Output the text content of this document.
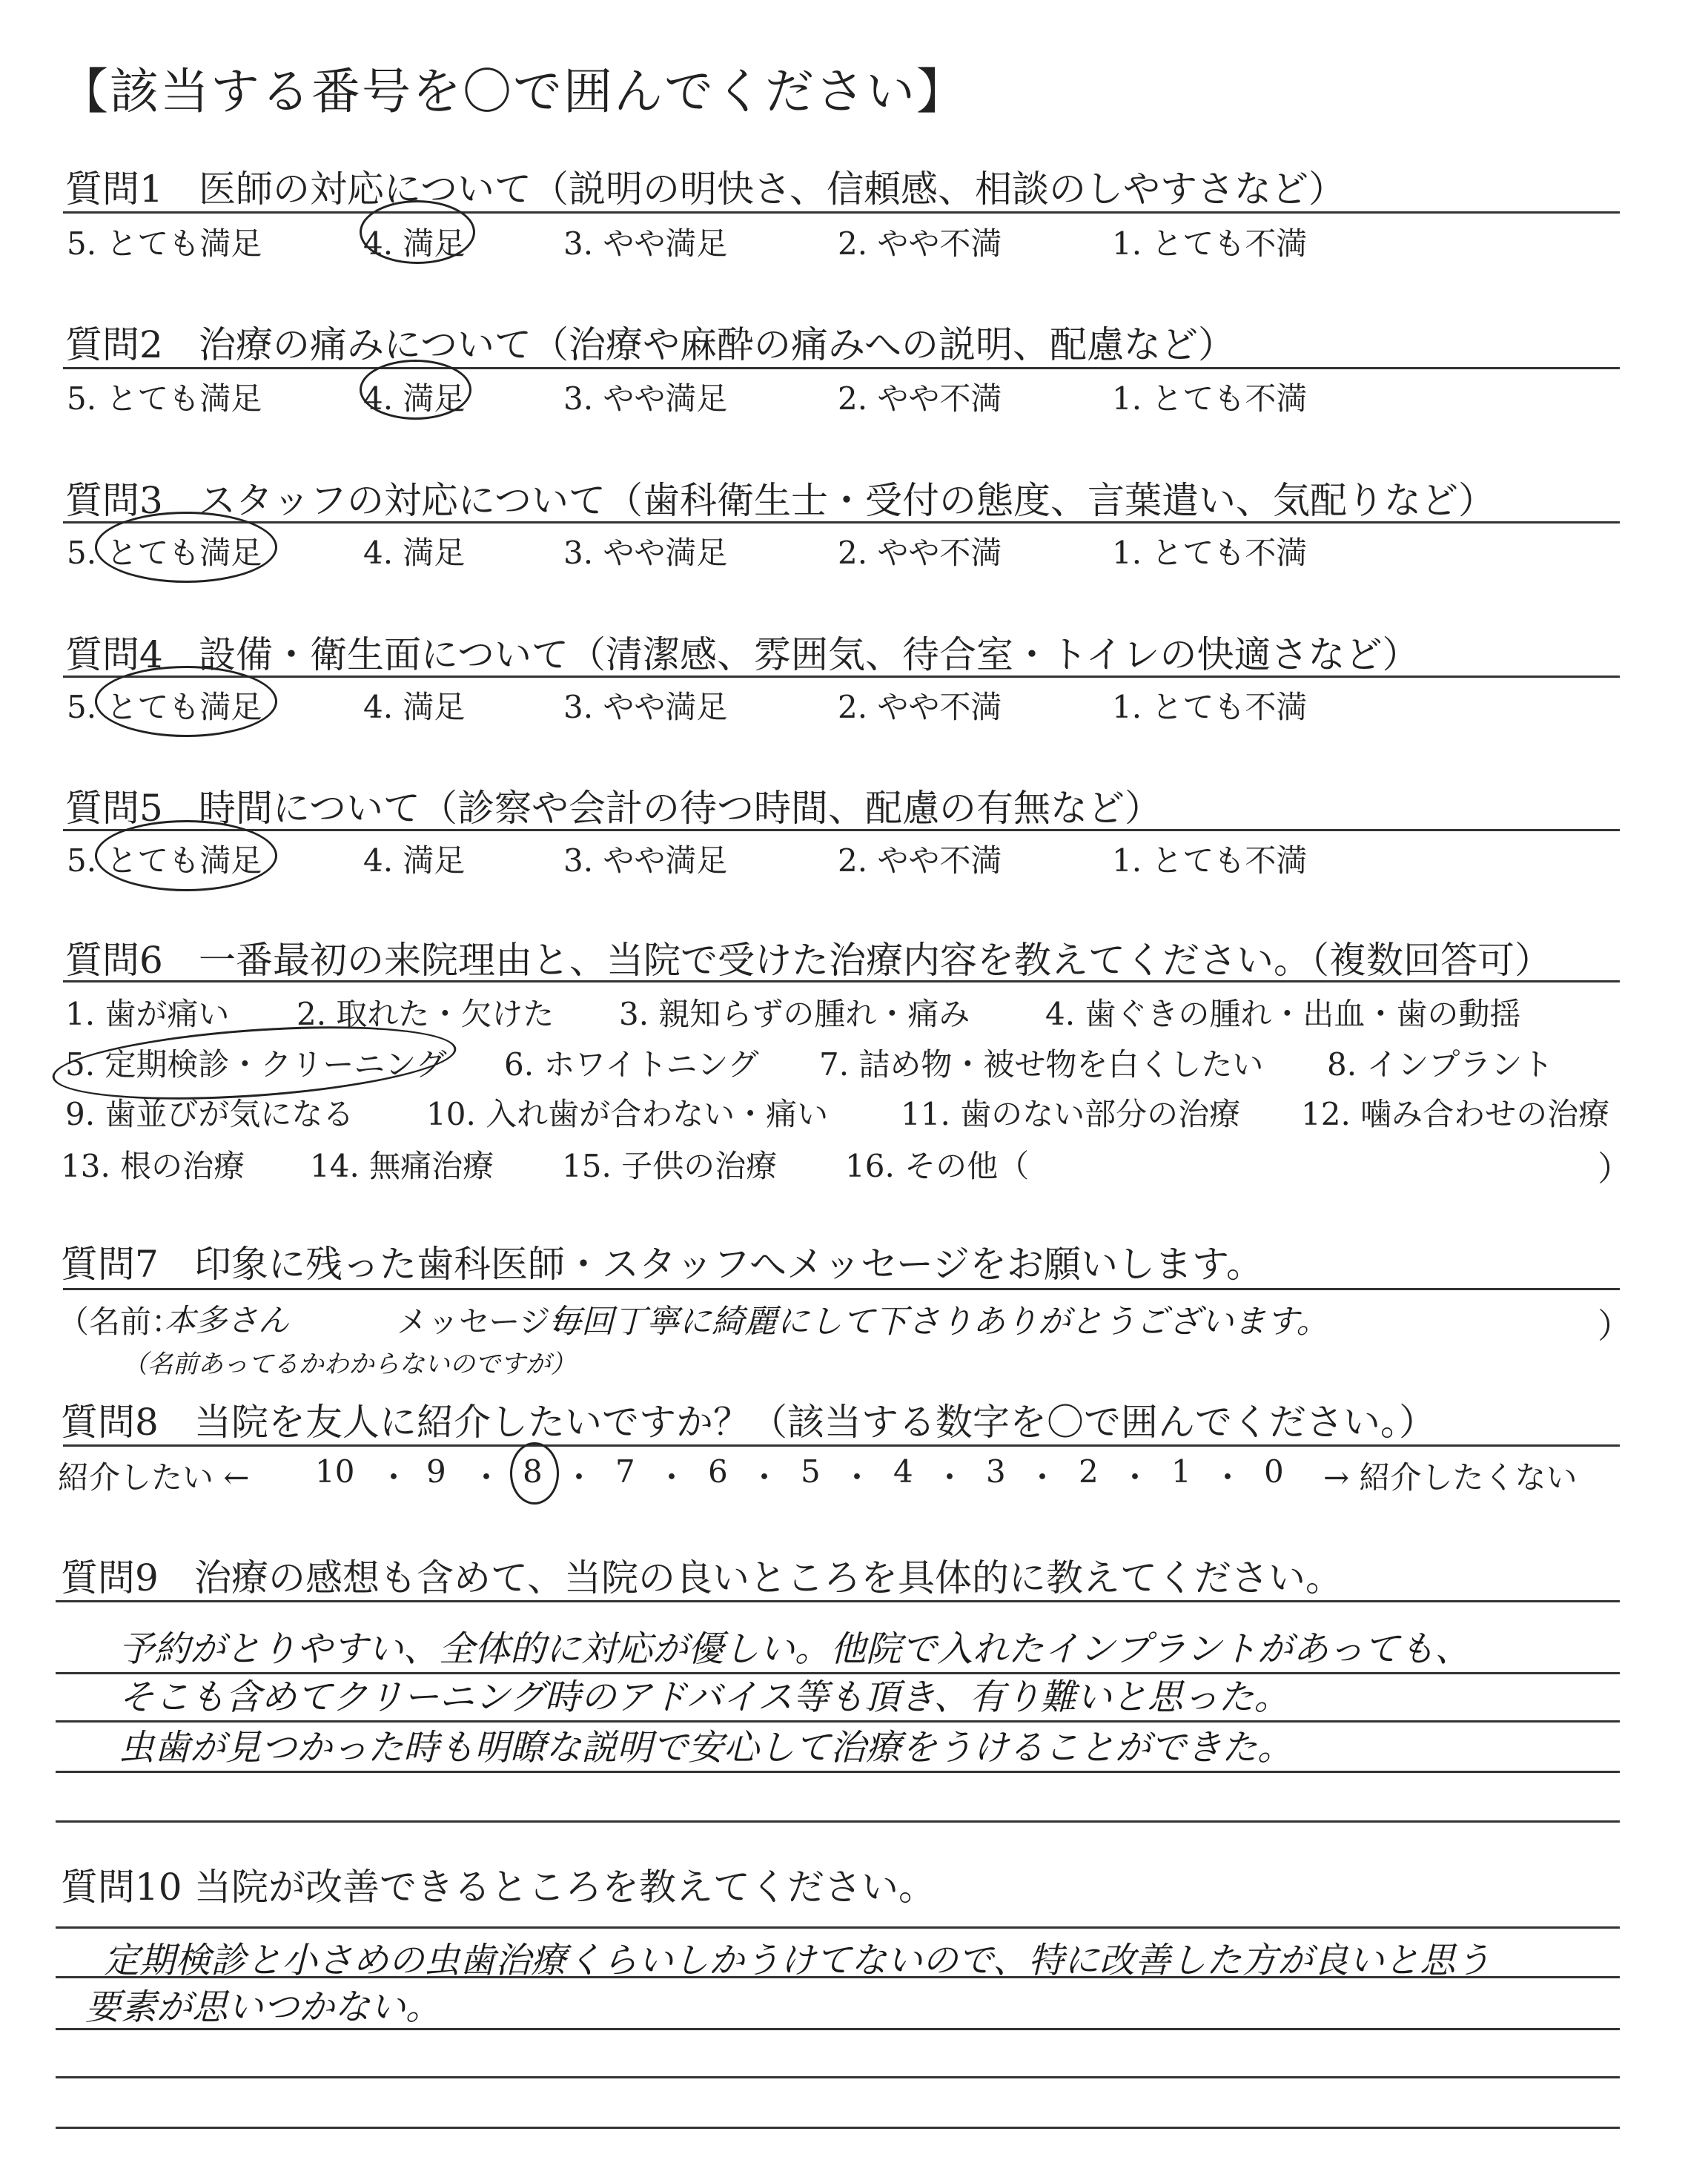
【該当する番号を〇で囲んでください】
質問1 医師の対応について（説明の明快さ、信頼感、相談のしやすさなど）
5. とても満足	4. 満足	3. やや満足	2. やや不満	1. とても不満
質問2 治療の痛みについて（治療や麻酔の痛みへの説明、配慮など）
5. とても満足	4. 満足	3. やや満足	2. やや不満	1. とても不満
質問3 スタッフの対応について（歯科衛生士・受付の態度、言葉遣い、気配りなど）
5. とても満足	4. 満足	3. やや満足	2. やや不満	1. とても不満
質問4 設備・衛生面について（清潔感、雰囲気、待合室・トイレの快適さなど）
5. とても満足	4. 満足	3. やや満足	2. やや不満	1. とても不満
質問5 時間について（診察や会計の待つ時間、配慮の有無など）
5. とても満足	4. 満足	3. やや満足	2. やや不満	1. とても不満
質問6 一番最初の来院理由と、当院で受けた治療内容を教えてください。（複数回答可）
1. 歯が痛い 2. 取れた・欠けた 3. 親知らずの腫れ・痛み 4. 歯ぐきの腫れ・出血・歯の動揺
5. 定期検診・クリーニング 6. ホワイトニング 7. 詰め物・被せ物を白くしたい 8. インプラント
9. 歯並びが気になる 10. 入れ歯が合わない・痛い 11. 歯のない部分の治療 12. 噛み合わせの治療
13. 根の治療 14. 無痛治療 15. 子供の治療 16. その他（	）
質問7 印象に残った歯科医師・スタッフへメッセージをお願いします。
（名前：
本多さん	メッセージ：
毎回丁寧に綺麗にして下さりありがとうございます。	）
（名前あってるかわからないのですが）
質問8 当院を友人に紹介したいですか？（該当する数字を〇で囲んでください。）
紹介したい ← 10 ・ 9 ・ 8 ・ 7 ・ 6 ・ 5 ・ 4 ・ 3 ・ 2 ・ 1 ・ 0 → 紹介したくない
質問9 治療の感想も含めて、当院の良いところを具体的に教えてください。
予約がとりやすい、全体的に対応が優しい。他院で入れたインプラントがあっても、
そこも含めてクリーニング時のアドバイス等も頂き、有り難いと思った。
虫歯が見つかった時も明瞭な説明で安心して治療をうけることができた。
質問10 当院が改善できるところを教えてください。
定期検診と小さめの虫歯治療くらいしかうけてないので、特に改善した方が良いと思う
要素が思いつかない。
